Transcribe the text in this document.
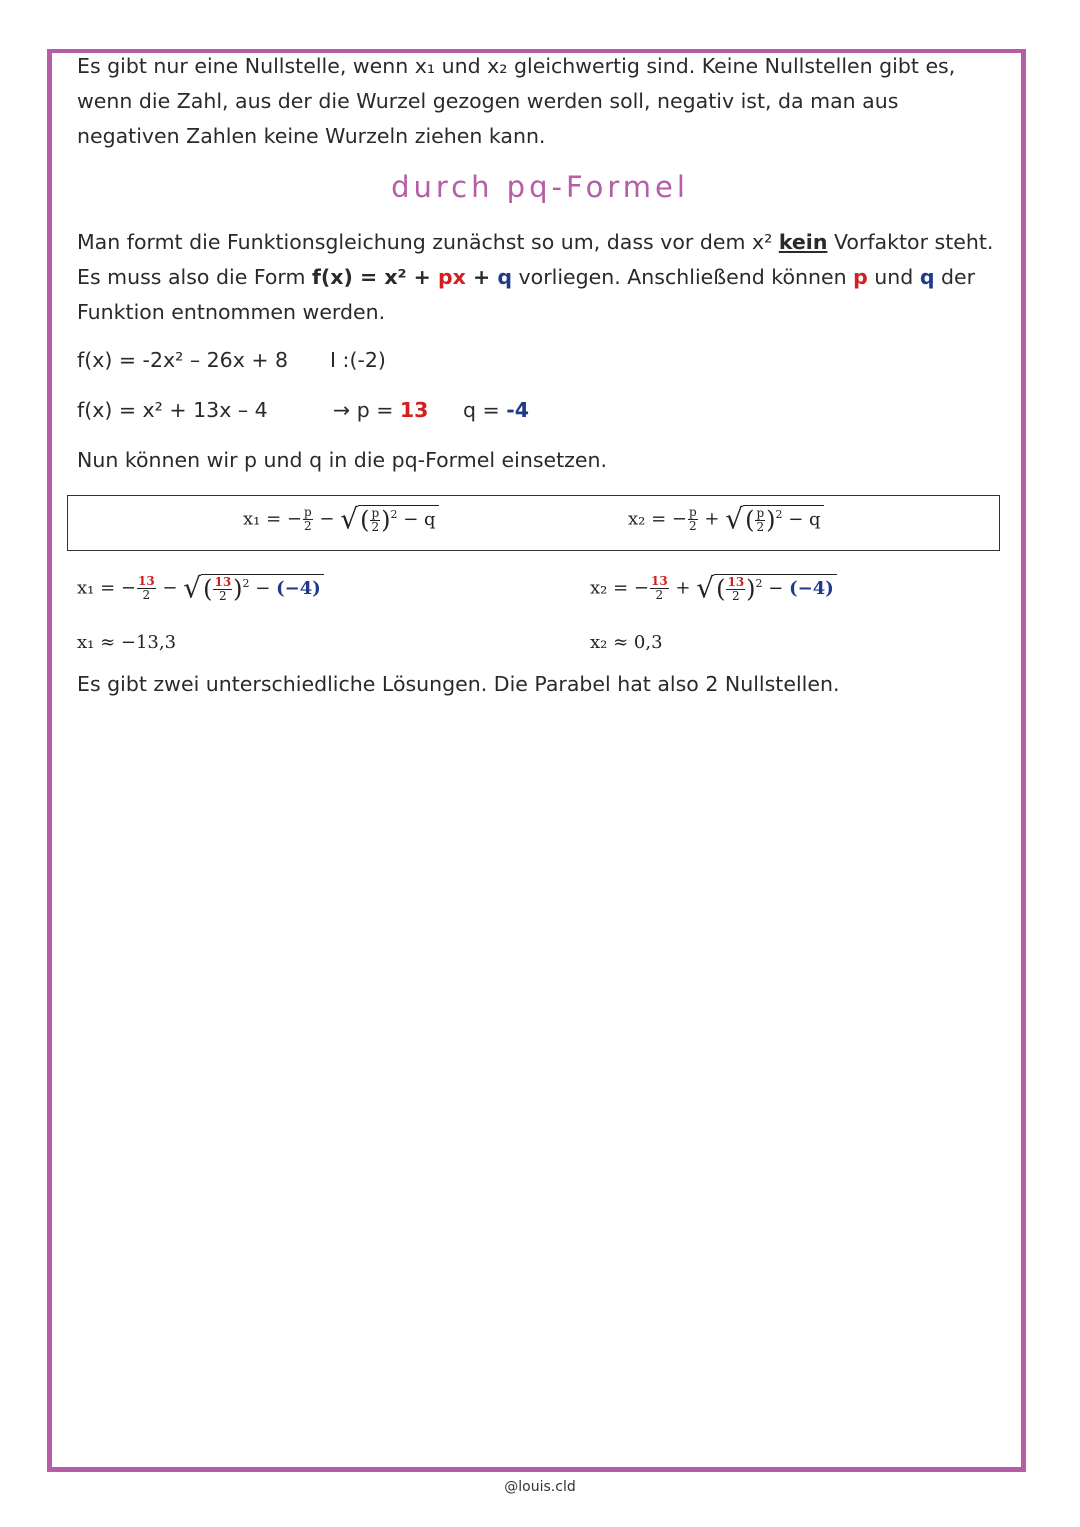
Es gibt nur eine Nullstelle, wenn x₁ und x₂ gleichwertig sind. Keine Nullstellen gibt es, wenn die Zahl, aus der die Wurzel gezogen werden soll, negativ ist, da man aus negativen Zahlen keine Wurzeln ziehen kann.
durch pq-Formel
Man formt die Funktionsgleichung zunächst so um, dass vor dem x² kein Vorfaktor steht. Es muss also die Form f(x) = x² + px + q vorliegen. Anschließend können p und q der Funktion entnommen werden.
f(x) = -2x² – 26x + 8 I :(-2)
f(x) = x² + 13x – 4	→ p = 13 q = -4
Nun können wir p und q in die pq-Formel einsetzen.
x₁ = − $\frac{p}{2}$ − √( $\frac{p}{2} )^2 - q$	x₂ = − $\frac{p}{2}$ + √( $\frac{p}{2} )^2 - q$
x₁ = − $\frac{13}{2}$ − √( $\frac{13}{2} )^2 - (-4)$	x₂ = − $\frac{13}{2}$ + √( $\frac{13}{2} )^2 - (-4)$
x₁ ≈ −13,3	x₂ ≈ 0,3
Es gibt zwei unterschiedliche Lösungen. Die Parabel hat also 2 Nullstellen.
@louis.cld
